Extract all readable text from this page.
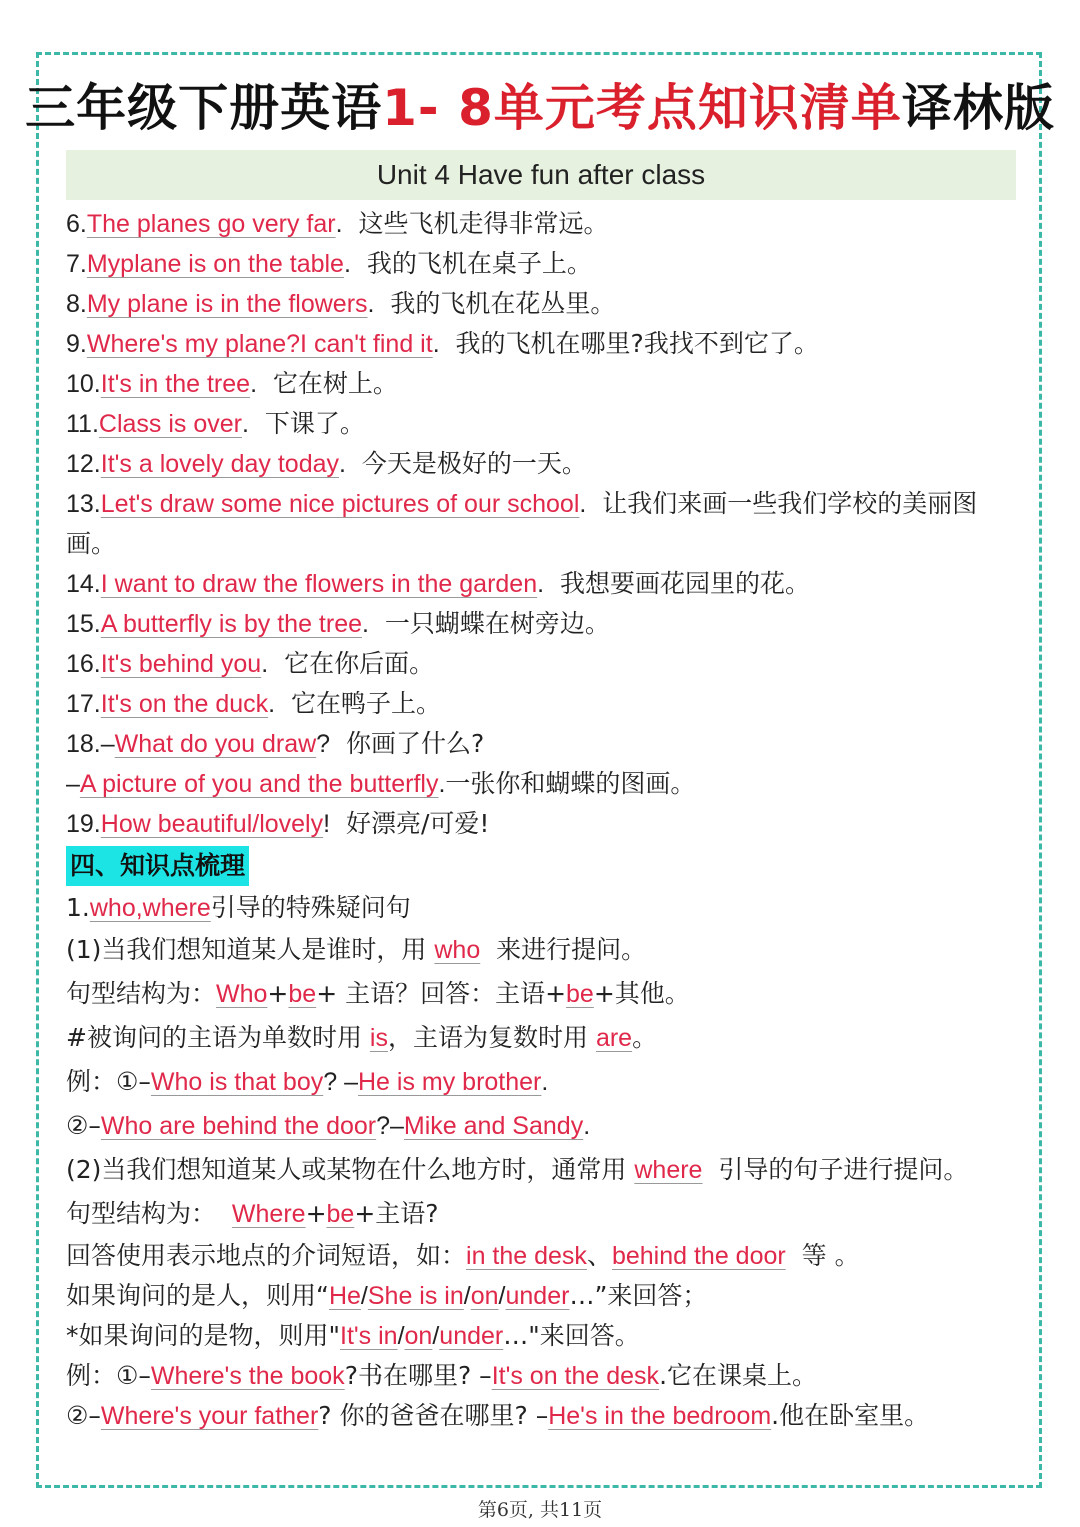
三年级下册英语1- 8单元考点知识清单译林版
Unit 4 Have fun after class
6. The planes go very far .
这些飞机走得非常远。
7. Myplane is on the table .
我的飞机在桌子上。
8. My plane is in the flowers .
我的飞机在花丛里。
9. Where's my plane?I can't find it .
我的飞机在哪里?我找不到它了。
10. It's in the tree .
它在树上。
11. Class is over .
下课了。
12. It's a lovely day today .
今天是极好的一天。
13.Let's draw some nice pictures of our school. 让我们来画一些我们学校的美丽图画。
14. I want to draw the flowers in the garden .
我想要画花园里的花。
15. A butterfly is by the tree .
一只蝴蝶在树旁边。
16. It's behind you .
它在你后面。
17. It's on the duck .
它在鸭子上。
18.– What do you draw ?
你画了什么?
– A picture of you and the butterfly . 一张你和蝴蝶的图画。
19. How beautiful/lovely !
好漂亮/可爱!
四、知识点梳理
1. who,where 引导的特殊疑问句
(1)当我们想知道某人是谁时，用
who
来进行提问。
句型结构为： Who + be + 主语？回答：主语+ be +其他。
#被询问的主语为单数时用
is ，主语为复数时用
are 。
例：①– Who is that boy ? – He is my brother .
②– Who are behind the door ?– Mike and Sandy .
(2)当我们想知道某人或某物在什么地方时，通常用
where
引导的句子进行提问。
句型结构为：
Where + be +主语?
回答使用表示地点的介词短语，如： in the desk 、 behind the door
等 。
如果询问的是人，则用“ He / She is in / on / under …”来回答；
*如果询问的是物，则用" It's in / on / under …"来回答。
例：①– Where's the book ?书在哪里? – It's on the desk .它在课桌上。
②– Where's your father ? 你的爸爸在哪里? – He's in the bedroom .他在卧室里。
第6页, 共11页
